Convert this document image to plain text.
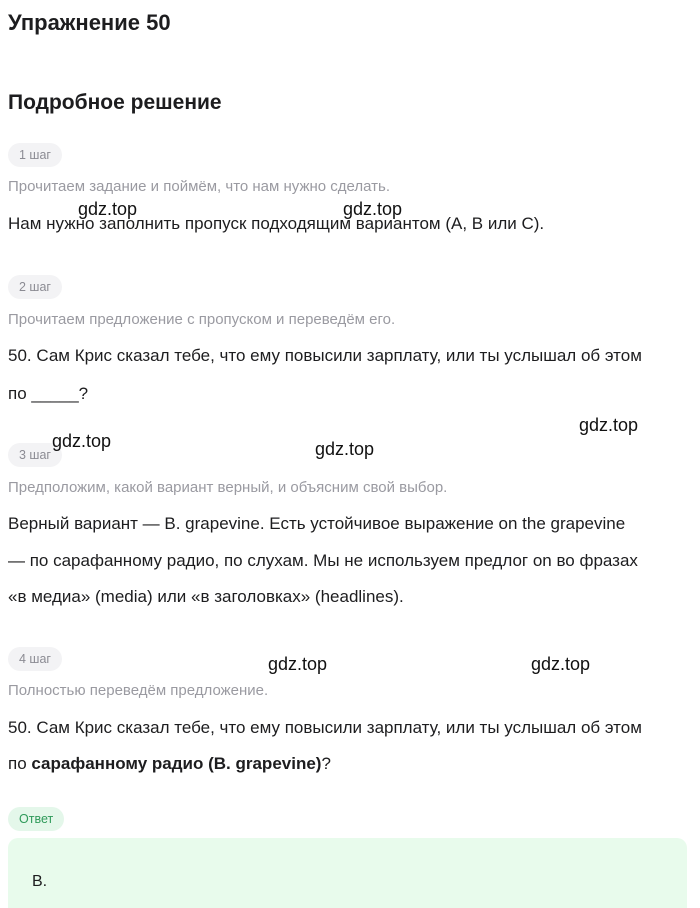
Упражнение 50
Подробное решение
1 шаг
Прочитаем задание и поймём, что нам нужно сделать.
Нам нужно заполнить пропуск подходящим вариантом (A, B или C).
2 шаг
Прочитаем предложение с пропуском и переведём его.
50. Сам Крис сказал тебе, что ему повысили зарплату, или ты услышал об этом
по _____?
3 шаг
Предположим, какой вариант верный, и объясним свой выбор.
Верный вариант — B. grapevine. Есть устойчивое выражение on the grapevine
— по сарафанному радио, по слухам. Мы не используем предлог on во фразах
«в медиа» (media) или «в заголовках» (headlines).
4 шаг
Полностью переведём предложение.
50. Сам Крис сказал тебе, что ему повысили зарплату, или ты услышал об этом
по сарафанному радио (B. grapevine)?
Ответ
B.
gdz.top	gdz.top
gdz.top	gdz.top
gdz.top
gdz.top	gdz.top
